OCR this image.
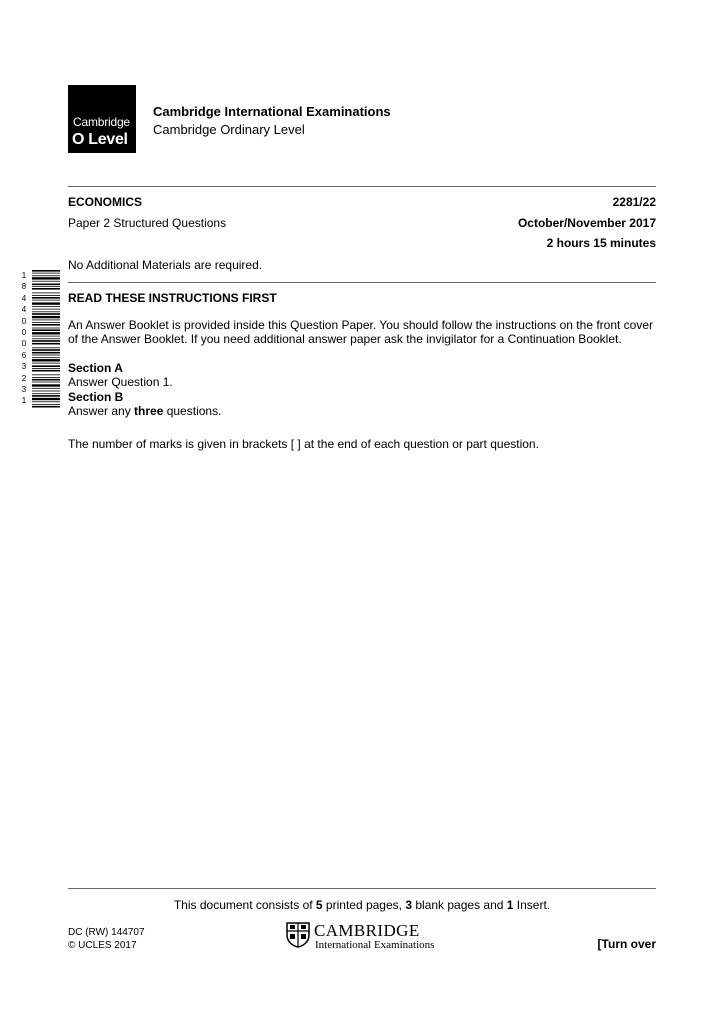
Cambridge
O Level
Cambridge International Examinations
Cambridge Ordinary Level
ECONOMICS	2281/22
Paper 2 Structured Questions	October/November 2017
2 hours 15 minutes
No Additional Materials are required.
1 8 4 4 0 0 0 6 3 2 3 1
READ THESE INSTRUCTIONS FIRST
An Answer Booklet is provided inside this Question Paper. You should follow the instructions on the front cover
of the Answer Booklet. If you need additional answer paper ask the invigilator for a Continuation Booklet.
Section A
Answer Question 1.
Section B
Answer any three questions.
The number of marks is given in brackets [ ] at the end of each question or part question.
This document consists of 5 printed pages, 3 blank pages and 1 Insert.
DC (RW) 144707
© UCLES 2017
CAMBRIDGE
International Examinations	[Turn over
